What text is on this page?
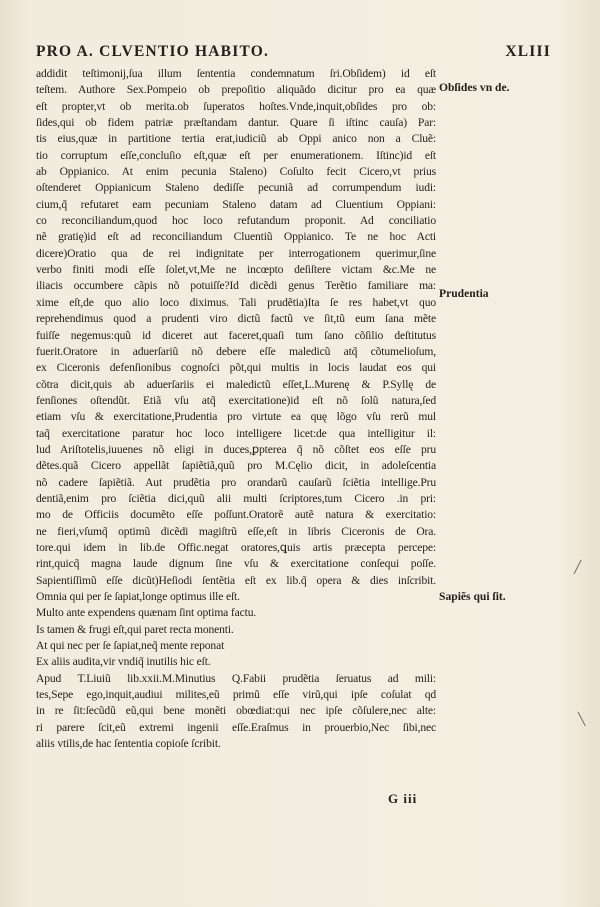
PRO A. CLVENTIO HABITO.	XLIII
addidit teſtimonij,ſua illum ſententia condemnatum ſri.Obſidem) id eſt
teſtem. Authore Sex.Pompeio ob prepoſitio aliquãdo dicitur pro ea quæ
eſt propter,vt ob merita.ob ſuperatos hoſtes.Vnde,inquit,obſides pro ob:
ſides,qui ob fidem patriæ præſtandam dantur. Quare ſi iſtinc cauſa) Par:
tis eius,quæ in partitione tertia erat,iudiciũ ab Oppi anico non a Cluẽ:
tio corruptum eſſe,concluſio eſt,quæ eſt per enumerationem. Iſtinc)id eſt
ab Oppianico. At enim pecunia Staleno) Coſulto fecit Cicero,vt prius
oſtenderet Oppianicum Staleno dediſſe pecuniã ad corrumpendum iudi:
cium,q̃ refutaret eam pecuniam Staleno datam ad Cluentium Oppiani:
co reconciliandum,quod hoc loco refutandum proponit. Ad conciliatio
nẽ gratię)id eſt ad reconciliandum Cluentiũ Oppianico. Te ne hoc Acti
dicere)Oratio qua de rei indignitate per interrogationem querimur,ſine
verbo finiti modi eſſe ſolet,vt,Me ne incœpto deſiſtere victam &c.Me ne
iliacis occumbere cãpis nõ potuiſſe?Id dicẽdi genus Terẽtio familiare ma:
xime eſt,de quo alio loco diximus. Tali prudẽtia)Ita ſe res habet,vt quo
reprehendimus quod a prudenti viro dictũ factũ ve ſit,tũ eum ſana mẽte
fuiſſe negemus:quũ id diceret aut faceret,quaſi tum ſano cõſilio deſtitutus
fuerit.Oratore in aduerſariũ nõ debere eſſe maledicũ atq̃ cõtumelioſum,
ex Ciceronis defenſionibus cognoſci põt,qui multis in locis laudat eos qui
cõtra dicit,quis ab aduerſariis ei maledictũ eſſet,L.Murenę & P.Syllę de
fenſiones oſtendũt. Etiã vſu atq̃ exercitatione)id eſt nõ ſolũ natura,ſed
etiam vſu & exercitatione,Prudentia pro virtute ea quę lõgo vſu rerũ mul
taq̃ exercitatione paratur hoc loco intelligere licet:de qua intelligitur il:
lud Ariſtotelis,iuuenes nõ eligi in duces,ꝑpterea q̃ nõ cõſtet eos eſſe pru
dẽtes.quã Cicero appellãt ſapiẽtiã,quũ pro M.Cęlio dicit, in adoleſcentia
nõ cadere ſapiẽtiã. Aut prudẽtia pro orandarũ cauſarũ ſciẽtia intellige.Pru
dentiã,enim pro ſciẽtia dici,quũ alii multi ſcriptores,tum Cicero .in pri:
mo de Officiis documẽto eſſe poſſunt.Oratorẽ autẽ natura & exercitatio:
ne fieri,vſumq̃ optimũ dicẽdi magiſtrũ eſſe,eſt in libris Ciceronis de Ora.
tore.qui idem in lib.de Offic.negat oratores,ꝗuis artis præcepta percepe:
rint,quicq̃ magna laude dignum ſine vſu & exercitatione conſequi poſſe.
Sapientiſſimũ eſſe dicũt)Heſiodi ſentẽtia eſt ex lib.q̃ opera & dies inſcribit.
Omnia qui per ſe ſapiat,longe optimus ille eſt.
Multo ante expendens quænam ſint optima factu.
Is tamen & frugi eſt,qui paret recta monenti.
At qui nec per ſe ſapiat,neq̃ mente reponat
Ex aliis audita,vir vndiq̃ inutilis hic eſt.
Apud T.Liuiũ lib.xxii.M.Minutius Q.Fabii prudẽtia ſeruatus ad mili:
tes,Sepe ego,inquit,audiui milites,eũ primũ eſſe virũ,qui ipſe coſulat qd
in re ſit:ſecũdũ eũ,qui bene monẽti obœdiat:qui nec ipſe cõſulere,nec alte:
ri parere ſcit,eũ extremi ingenii eſſe.Eraſmus in prouerbio,Nec ſibi,nec
aliis vtilis,de hac ſententia copioſe ſcribit.
Obſides vn de.
Prudentia
Sapiẽs qui ſit.
╱
╲
G iii
